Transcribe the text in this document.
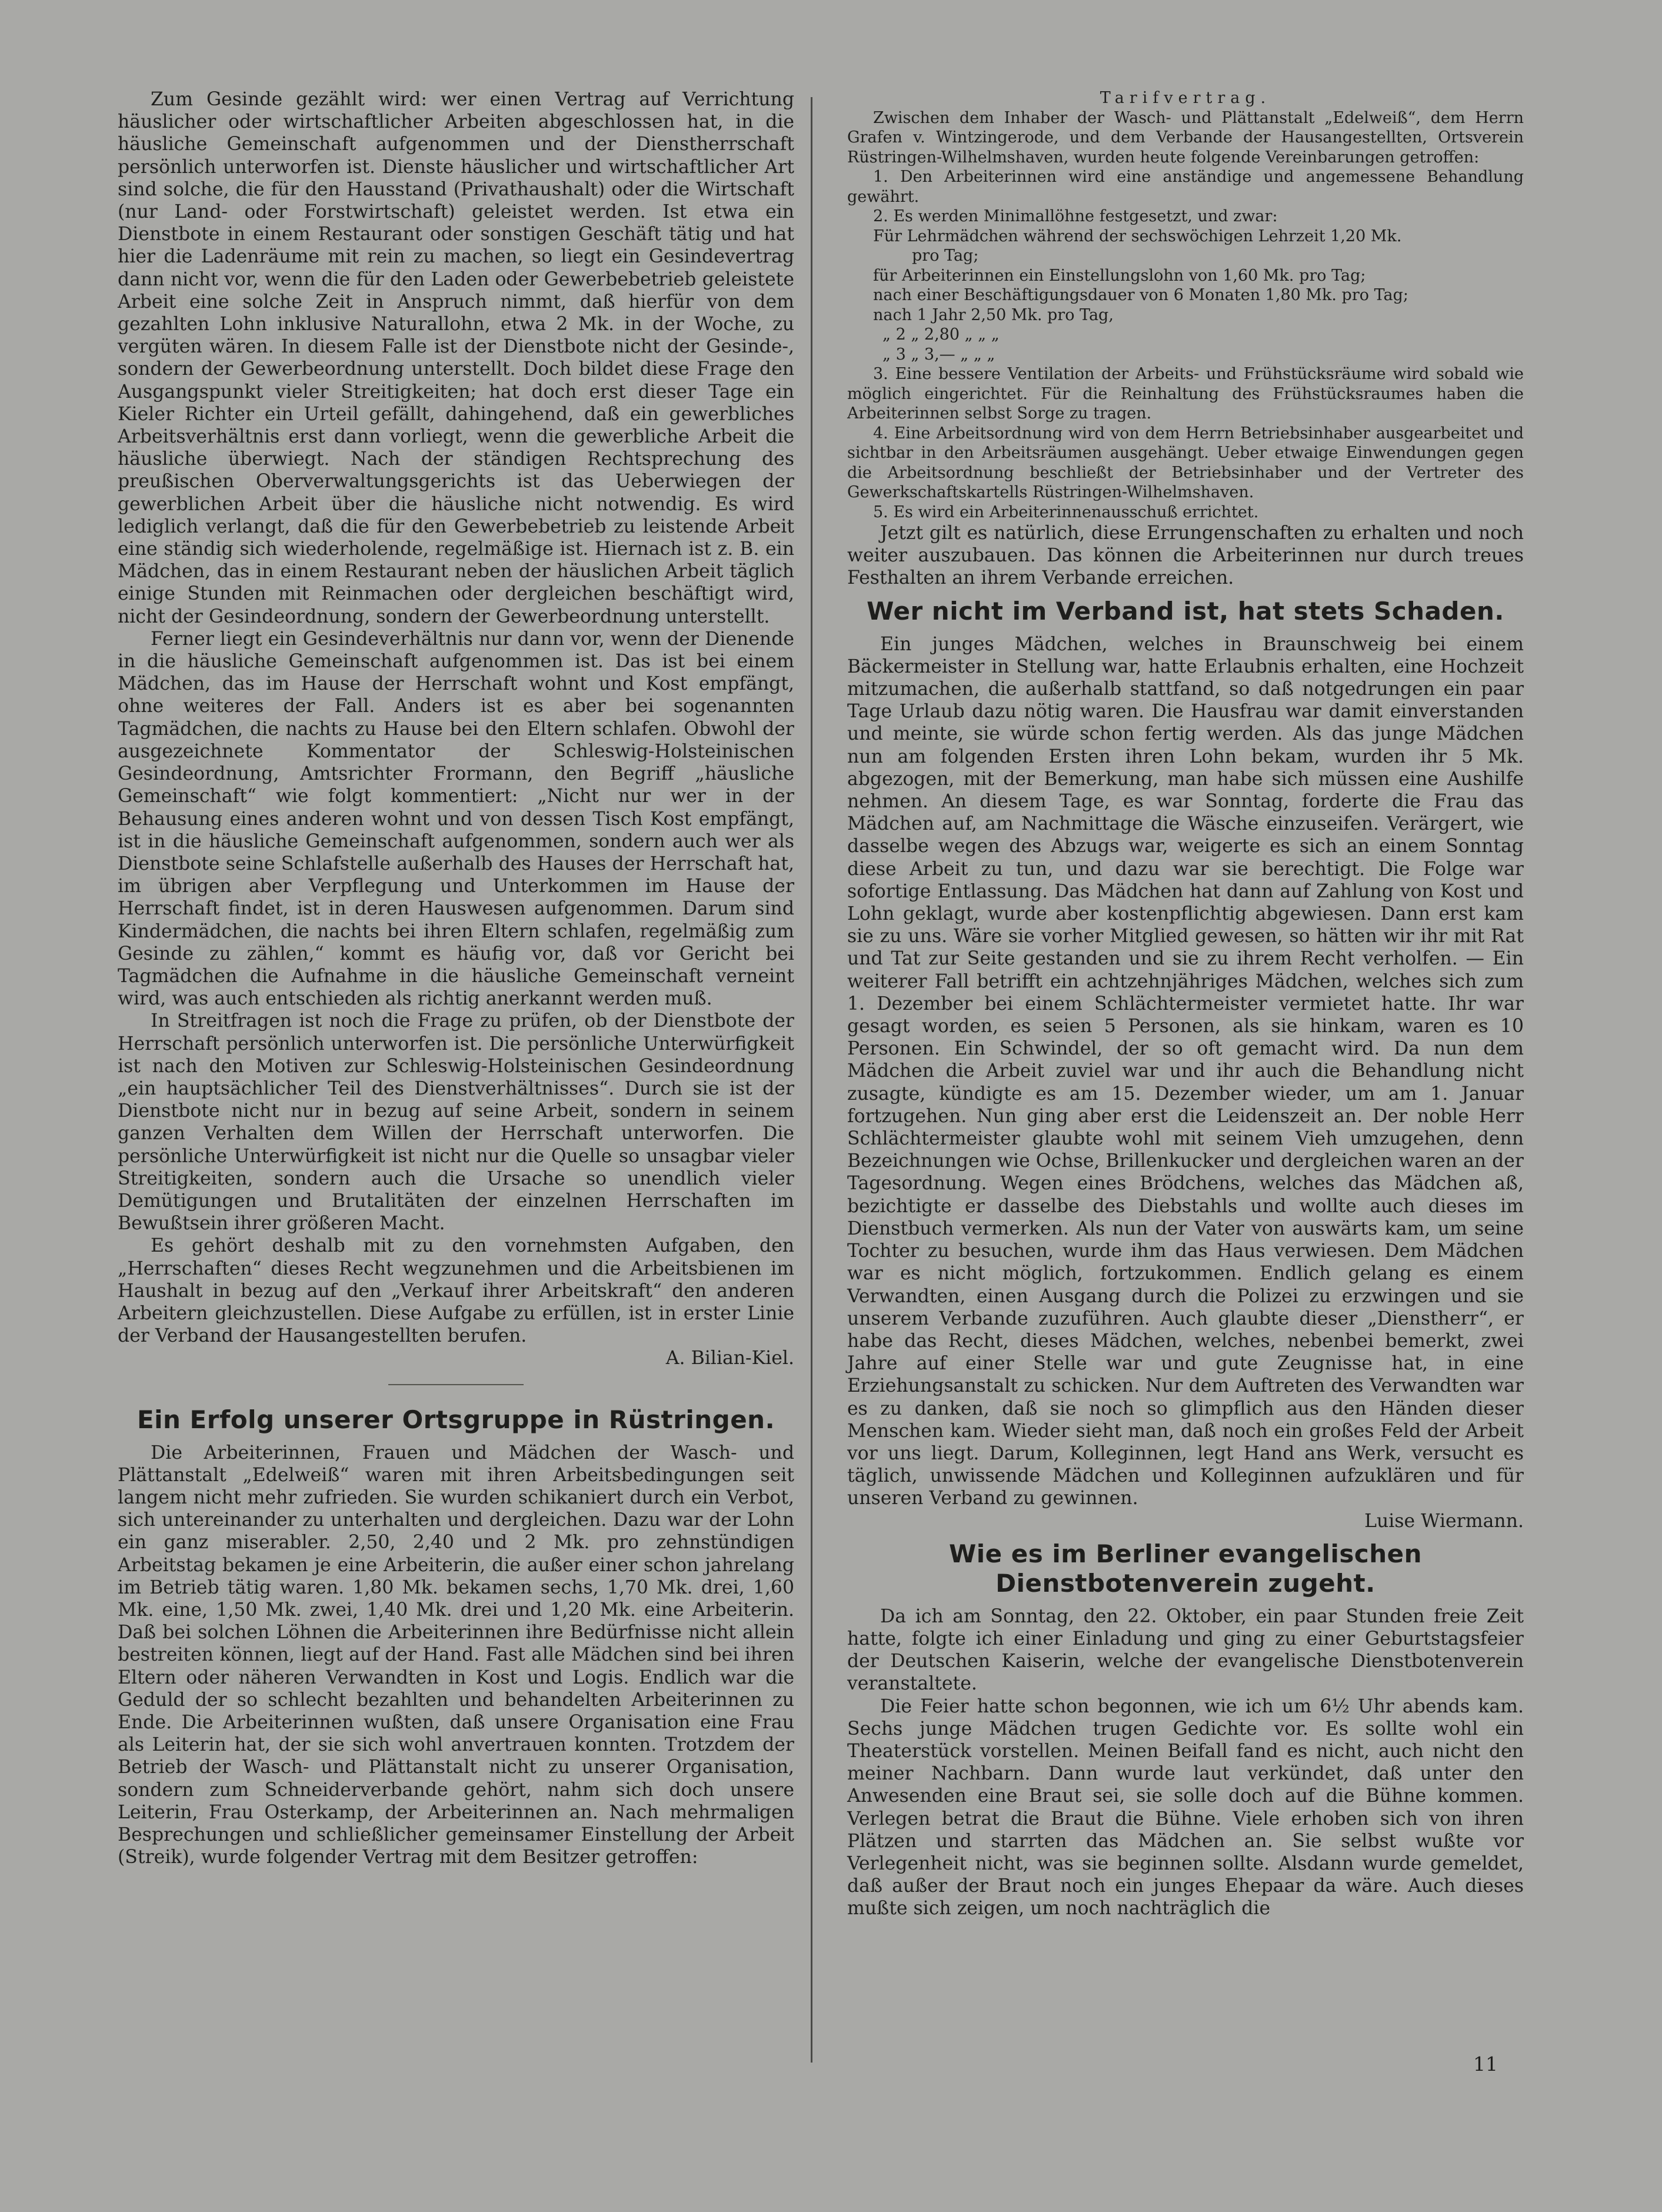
Zum Gesinde gezählt wird: wer einen Vertrag auf Verrichtung häuslicher oder wirtschaftlicher Arbeiten abgeschlossen hat, in die häusliche Gemeinschaft aufgenommen und der Dienstherrschaft persönlich unterworfen ist. Dienste häuslicher und wirtschaftlicher Art sind solche, die für den Hausstand (Privathaushalt) oder die Wirtschaft (nur Land- oder Forstwirtschaft) geleistet werden. Ist etwa ein Dienstbote in einem Restaurant oder sonstigen Geschäft tätig und hat hier die Ladenräume mit rein zu machen, so liegt ein Gesindevertrag dann nicht vor, wenn die für den Laden oder Gewerbebetrieb geleistete Arbeit eine solche Zeit in Anspruch nimmt, daß hierfür von dem gezahlten Lohn inklusive Naturallohn, etwa 2 Mk. in der Woche, zu vergüten wären. In diesem Falle ist der Dienstbote nicht der Gesinde-, sondern der Gewerbeordnung unterstellt. Doch bildet diese Frage den Ausgangspunkt vieler Streitigkeiten; hat doch erst dieser Tage ein Kieler Richter ein Urteil gefällt, dahingehend, daß ein gewerbliches Arbeitsverhältnis erst dann vorliegt, wenn die gewerbliche Arbeit die häusliche überwiegt. Nach der ständigen Rechtsprechung des preußischen Oberverwaltungsgerichts ist das Ueberwiegen der gewerblichen Arbeit über die häusliche nicht notwendig. Es wird lediglich verlangt, daß die für den Gewerbebetrieb zu leistende Arbeit eine ständig sich wiederholende, regelmäßige ist. Hiernach ist z. B. ein Mädchen, das in einem Restaurant neben der häuslichen Arbeit täglich einige Stunden mit Reinmachen oder dergleichen beschäftigt wird, nicht der Gesindeordnung, sondern der Gewerbeordnung unterstellt.

Ferner liegt ein Gesindeverhältnis nur dann vor, wenn der Dienende in die häusliche Gemeinschaft aufgenommen ist. Das ist bei einem Mädchen, das im Hause der Herrschaft wohnt und Kost empfängt, ohne weiteres der Fall. Anders ist es aber bei sogenannten Tagmädchen, die nachts zu Hause bei den Eltern schlafen. Obwohl der ausgezeichnete Kommentator der Schleswig-Holsteinischen Gesindeordnung, Amtsrichter Frormann, den Begriff „häusliche Gemeinschaft“ wie folgt kommentiert: „Nicht nur wer in der Behausung eines anderen wohnt und von dessen Tisch Kost empfängt, ist in die häusliche Gemeinschaft aufgenommen, sondern auch wer als Dienstbote seine Schlafstelle außerhalb des Hauses der Herrschaft hat, im übrigen aber Verpflegung und Unterkommen im Hause der Herrschaft findet, ist in deren Hauswesen aufgenommen. Darum sind Kindermädchen, die nachts bei ihren Eltern schlafen, regelmäßig zum Gesinde zu zählen,“ kommt es häufig vor, daß vor Gericht bei Tagmädchen die Aufnahme in die häusliche Gemeinschaft verneint wird, was auch entschieden als richtig anerkannt werden muß.

In Streitfragen ist noch die Frage zu prüfen, ob der Dienstbote der Herrschaft persönlich unterworfen ist. Die persönliche Unterwürfigkeit ist nach den Motiven zur Schleswig-Holsteinischen Gesindeordnung „ein hauptsächlicher Teil des Dienstverhältnisses“. Durch sie ist der Dienstbote nicht nur in bezug auf seine Arbeit, sondern in seinem ganzen Verhalten dem Willen der Herrschaft unterworfen. Die persönliche Unterwürfigkeit ist nicht nur die Quelle so unsagbar vieler Streitigkeiten, sondern auch die Ursache so unendlich vieler Demütigungen und Brutalitäten der einzelnen Herrschaften im Bewußtsein ihrer größeren Macht.

Es gehört deshalb mit zu den vornehmsten Aufgaben, den „Herrschaften“ dieses Recht wegzunehmen und die Arbeitsbienen im Haushalt in bezug auf den „Verkauf ihrer Arbeitskraft“ den anderen Arbeitern gleichzustellen. Diese Aufgabe zu erfüllen, ist in erster Linie der Verband der Hausangestellten berufen.

A. Bilian-Kiel.

Ein Erfolg unserer Ortsgruppe in Rüstringen.

Die Arbeiterinnen, Frauen und Mädchen der Wasch- und Plättanstalt „Edelweiß“ waren mit ihren Arbeitsbedingungen seit langem nicht mehr zufrieden. Sie wurden schikaniert durch ein Verbot, sich untereinander zu unterhalten und dergleichen. Dazu war der Lohn ein ganz miserabler. 2,50, 2,40 und 2 Mk. pro zehnstündigen Arbeitstag bekamen je eine Arbeiterin, die außer einer schon jahrelang im Betrieb tätig waren. 1,80 Mk. bekamen sechs, 1,70 Mk. drei, 1,60 Mk. eine, 1,50 Mk. zwei, 1,40 Mk. drei und 1,20 Mk. eine Arbeiterin. Daß bei solchen Löhnen die Arbeiterinnen ihre Bedürfnisse nicht allein bestreiten können, liegt auf der Hand. Fast alle Mädchen sind bei ihren Eltern oder näheren Verwandten in Kost und Logis. Endlich war die Geduld der so schlecht bezahlten und behandelten Arbeiterinnen zu Ende. Die Arbeiterinnen wußten, daß unsere Organisation eine Frau als Leiterin hat, der sie sich wohl anvertrauen konnten. Trotzdem der Betrieb der Wasch- und Plättanstalt nicht zu unserer Organisation, sondern zum Schneiderverbande gehört, nahm sich doch unsere Leiterin, Frau Osterkamp, der Arbeiterinnen an. Nach mehrmaligen Besprechungen und schließlicher gemeinsamer Einstellung der Arbeit (Streik), wurde folgender Vertrag mit dem Besitzer getroffen:

Tarifvertrag.

Zwischen dem Inhaber der Wasch- und Plättanstalt „Edelweiß“, dem Herrn Grafen v. Wintzingerode, und dem Verbande der Hausangestellten, Ortsverein Rüstringen-Wilhelmshaven, wurden heute folgende Vereinbarungen getroffen:

1. Den Arbeiterinnen wird eine anständige und angemessene Behandlung gewährt.

2. Es werden Minimallöhne festgesetzt, und zwar:

Für Lehrmädchen während der sechswöchigen Lehrzeit 1,20 Mk.

pro Tag;

für Arbeiterinnen ein Einstellungslohn von 1,60 Mk. pro Tag;

nach einer Beschäftigungsdauer von 6 Monaten 1,80 Mk. pro Tag;

nach 1 Jahr 2,50 Mk. pro Tag,

„ 2 „ 2,80 „ „ „

„ 3 „ 3,— „ „ „

3. Eine bessere Ventilation der Arbeits- und Frühstücksräume wird sobald wie möglich eingerichtet. Für die Reinhaltung des Frühstücksraumes haben die Arbeiterinnen selbst Sorge zu tragen.

4. Eine Arbeitsordnung wird von dem Herrn Betriebsinhaber ausgearbeitet und sichtbar in den Arbeitsräumen ausgehängt. Ueber etwaige Einwendungen gegen die Arbeitsordnung beschließt der Betriebsinhaber und der Vertreter des Gewerkschaftskartells Rüstringen-Wilhelmshaven.

5. Es wird ein Arbeiterinnenausschuß errichtet.

Jetzt gilt es natürlich, diese Errungenschaften zu erhalten und noch weiter auszubauen. Das können die Arbeiterinnen nur durch treues Festhalten an ihrem Verbande erreichen.

Wer nicht im Verband ist, hat stets Schaden.

Ein junges Mädchen, welches in Braunschweig bei einem Bäckermeister in Stellung war, hatte Erlaubnis erhalten, eine Hochzeit mitzumachen, die außerhalb stattfand, so daß notgedrungen ein paar Tage Urlaub dazu nötig waren. Die Hausfrau war damit einverstanden und meinte, sie würde schon fertig werden. Als das junge Mädchen nun am folgenden Ersten ihren Lohn bekam, wurden ihr 5 Mk. abgezogen, mit der Bemerkung, man habe sich müssen eine Aushilfe nehmen. An diesem Tage, es war Sonntag, forderte die Frau das Mädchen auf, am Nachmittage die Wäsche einzuseifen. Verärgert, wie dasselbe wegen des Abzugs war, weigerte es sich an einem Sonntag diese Arbeit zu tun, und dazu war sie berechtigt. Die Folge war sofortige Entlassung. Das Mädchen hat dann auf Zahlung von Kost und Lohn geklagt, wurde aber kostenpflichtig abgewiesen. Dann erst kam sie zu uns. Wäre sie vorher Mitglied gewesen, so hätten wir ihr mit Rat und Tat zur Seite gestanden und sie zu ihrem Recht verholfen. — Ein weiterer Fall betrifft ein achtzehnjähriges Mädchen, welches sich zum 1. Dezember bei einem Schlächtermeister vermietet hatte. Ihr war gesagt worden, es seien 5 Personen, als sie hinkam, waren es 10 Personen. Ein Schwindel, der so oft gemacht wird. Da nun dem Mädchen die Arbeit zuviel war und ihr auch die Behandlung nicht zusagte, kündigte es am 15. Dezember wieder, um am 1. Januar fortzugehen. Nun ging aber erst die Leidenszeit an. Der noble Herr Schlächtermeister glaubte wohl mit seinem Vieh umzugehen, denn Bezeichnungen wie Ochse, Brillenkucker und dergleichen waren an der Tagesordnung. Wegen eines Brödchens, welches das Mädchen aß, bezichtigte er dasselbe des Diebstahls und wollte auch dieses im Dienstbuch vermerken. Als nun der Vater von auswärts kam, um seine Tochter zu besuchen, wurde ihm das Haus verwiesen. Dem Mädchen war es nicht möglich, fortzukommen. Endlich gelang es einem Verwandten, einen Ausgang durch die Polizei zu erzwingen und sie unserem Verbande zuzuführen. Auch glaubte dieser „Dienstherr“, er habe das Recht, dieses Mädchen, welches, nebenbei bemerkt, zwei Jahre auf einer Stelle war und gute Zeugnisse hat, in eine Erziehungsanstalt zu schicken. Nur dem Auftreten des Verwandten war es zu danken, daß sie noch so glimpflich aus den Händen dieser Menschen kam. Wieder sieht man, daß noch ein großes Feld der Arbeit vor uns liegt. Darum, Kolleginnen, legt Hand ans Werk, versucht es täglich, unwissende Mädchen und Kolleginnen aufzuklären und für unseren Verband zu gewinnen.

Luise Wiermann.

Wie es im Berliner evangelischen
Dienstbotenverein zugeht.

Da ich am Sonntag, den 22. Oktober, ein paar Stunden freie Zeit hatte, folgte ich einer Einladung und ging zu einer Geburtstagsfeier der Deutschen Kaiserin, welche der evangelische Dienstbotenverein veranstaltete.

Die Feier hatte schon begonnen, wie ich um 6½ Uhr abends kam. Sechs junge Mädchen trugen Gedichte vor. Es sollte wohl ein Theaterstück vorstellen. Meinen Beifall fand es nicht, auch nicht den meiner Nachbarn. Dann wurde laut verkündet, daß unter den Anwesenden eine Braut sei, sie solle doch auf die Bühne kommen. Verlegen betrat die Braut die Bühne. Viele erhoben sich von ihren Plätzen und starrten das Mädchen an. Sie selbst wußte vor Verlegenheit nicht, was sie beginnen sollte. Alsdann wurde gemeldet, daß außer der Braut noch ein junges Ehepaar da wäre. Auch dieses mußte sich zeigen, um noch nachträglich die

11
